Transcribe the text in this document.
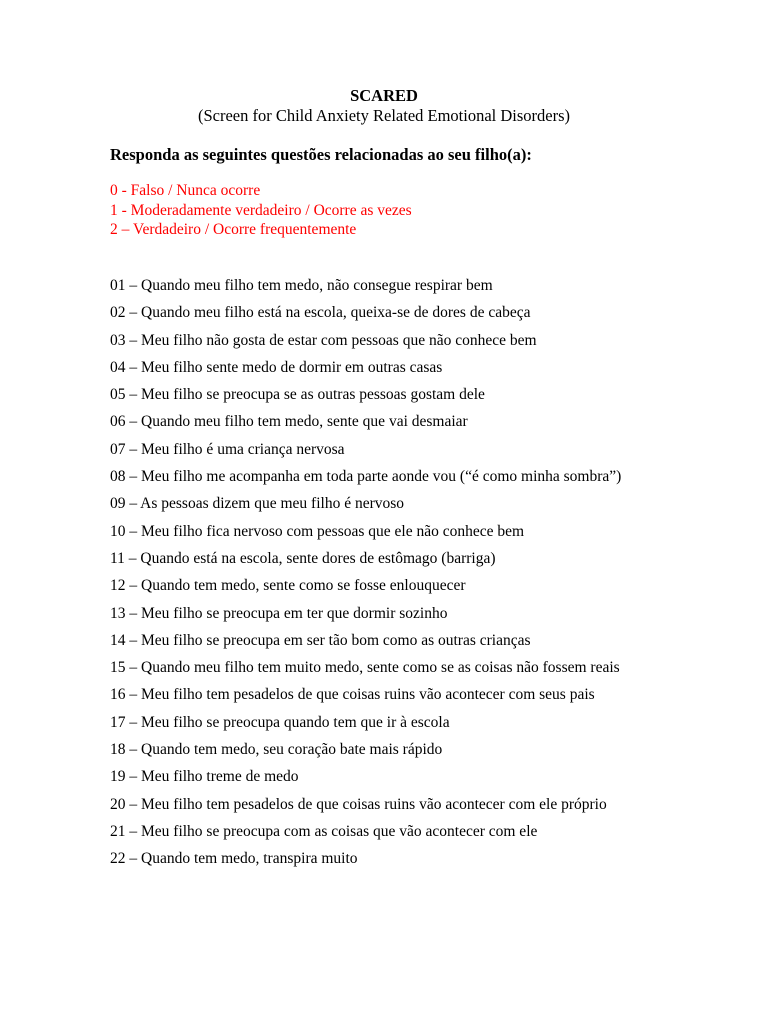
SCARED
(Screen for Child Anxiety Related Emotional Disorders)
Responda as seguintes questões relacionadas ao seu filho(a):
0 - Falso / Nunca ocorre
1 - Moderadamente verdadeiro / Ocorre as vezes
2 – Verdadeiro / Ocorre frequentemente
01 – Quando meu filho tem medo, não consegue respirar bem
02 – Quando meu filho está na escola, queixa-se de dores de cabeça
03 – Meu filho não gosta de estar com pessoas que não conhece bem
04 – Meu filho sente medo de dormir em outras casas
05 – Meu filho se preocupa se as outras pessoas gostam dele
06 – Quando meu filho tem medo, sente que vai desmaiar
07 – Meu filho é uma criança nervosa
08 – Meu filho me acompanha em toda parte aonde vou (“é como minha sombra”)
09 – As pessoas dizem que meu filho é nervoso
10 – Meu filho fica nervoso com pessoas que ele não conhece bem
11 – Quando está na escola, sente dores de estômago (barriga)
12 – Quando tem medo, sente como se fosse enlouquecer
13 – Meu filho se preocupa em ter que dormir sozinho
14 – Meu filho se preocupa em ser tão bom como as outras crianças
15 – Quando meu filho tem muito medo, sente como se as coisas não fossem reais
16 – Meu filho tem pesadelos de que coisas ruins vão acontecer com seus pais
17 – Meu filho se preocupa quando tem que ir à escola
18 – Quando tem medo, seu coração bate mais rápido
19 – Meu filho treme de medo
20 – Meu filho tem pesadelos de que coisas ruins vão acontecer com ele próprio
21 – Meu filho se preocupa com as coisas que vão acontecer com ele
22 – Quando tem medo, transpira muito
